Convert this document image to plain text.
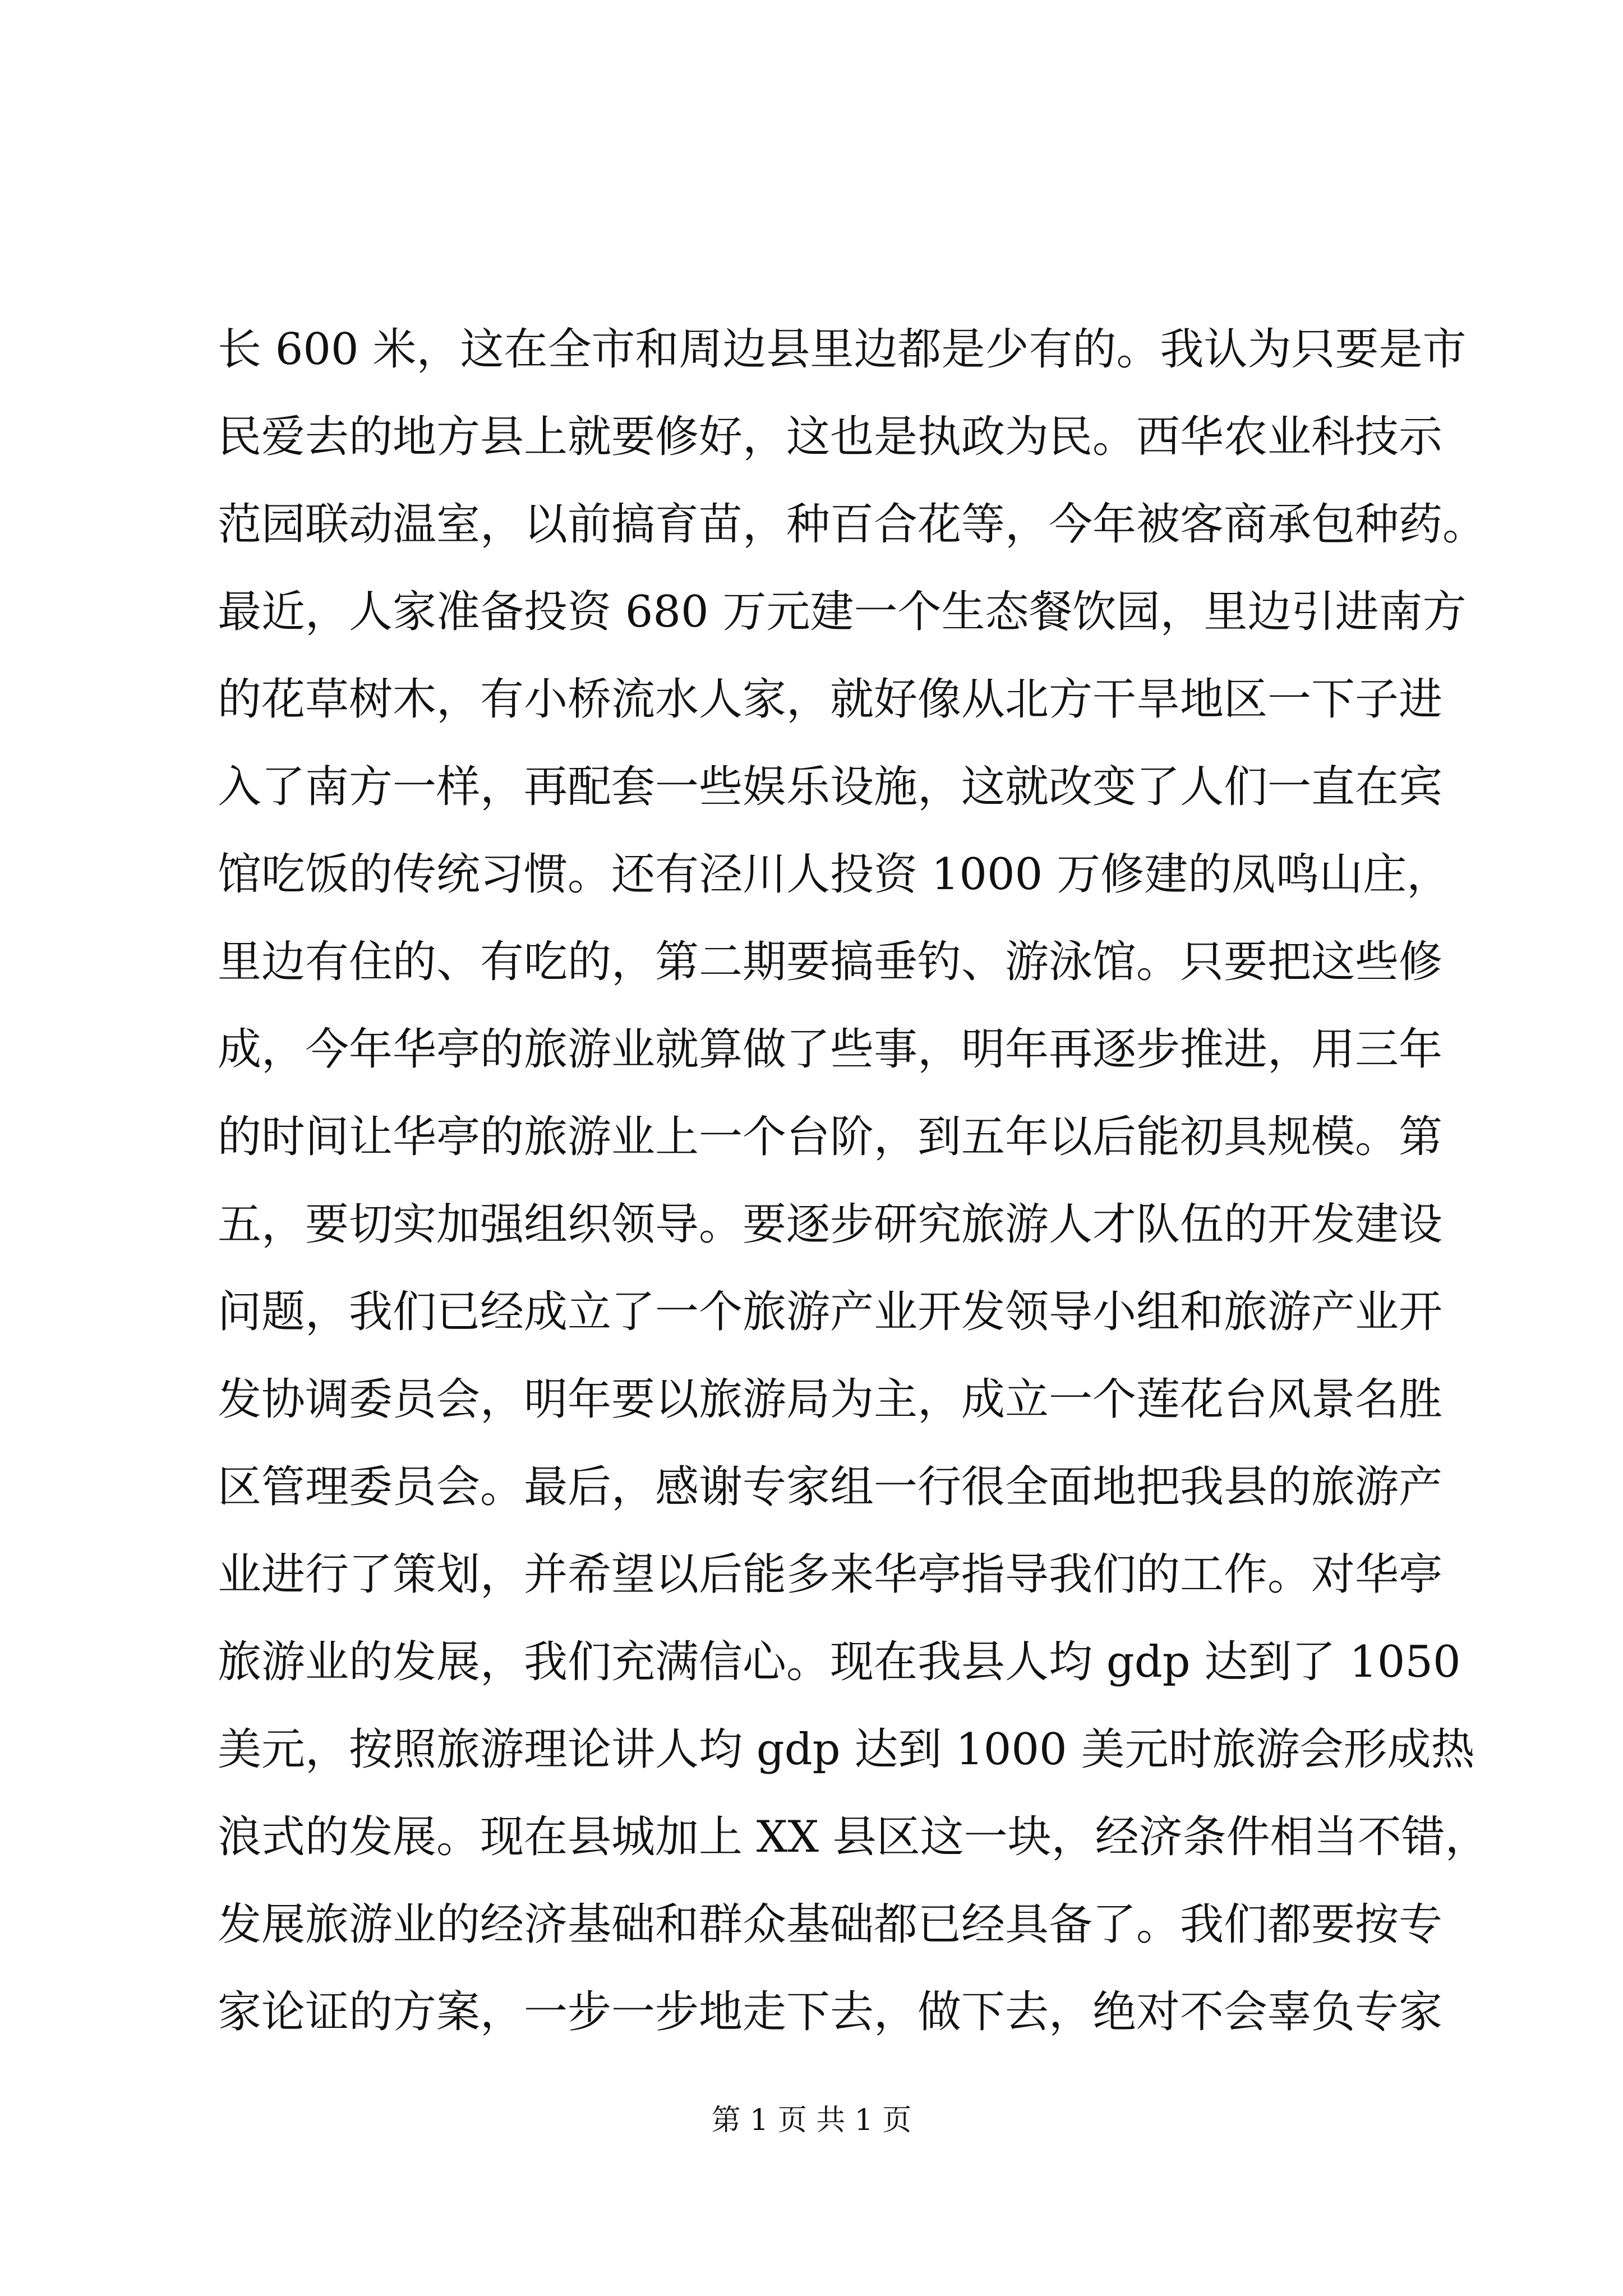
长 600 米，这在全市和周边县里边都是少有的。我认为只要是市
民爱去的地方县上就要修好，这也是执政为民。西华农业科技示
范园联动温室，以前搞育苗，种百合花等，今年被客商承包种药。
最近，人家准备投资 680 万元建一个生态餐饮园，里边引进南方
的花草树木，有小桥流水人家，就好像从北方干旱地区一下子进
入了南方一样，再配套一些娱乐设施，这就改变了人们一直在宾
馆吃饭的传统习惯。还有泾川人投资 1000 万修建的凤鸣山庄，
里边有住的、有吃的，第二期要搞垂钓、游泳馆。只要把这些修
成，今年华亭的旅游业就算做了些事，明年再逐步推进，用三年
的时间让华亭的旅游业上一个台阶，到五年以后能初具规模。第
五，要切实加强组织领导。要逐步研究旅游人才队伍的开发建设
问题，我们已经成立了一个旅游产业开发领导小组和旅游产业开
发协调委员会，明年要以旅游局为主，成立一个莲花台风景名胜
区管理委员会。最后，感谢专家组一行很全面地把我县的旅游产
业进行了策划，并希望以后能多来华亭指导我们的工作。对华亭
旅游业的发展，我们充满信心。现在我县人均 gdp 达到了 1050
美元，按照旅游理论讲人均 gdp 达到 1000 美元时旅游会形成热
浪式的发展。现在县城加上 XX 县区这一块，经济条件相当不错，
发展旅游业的经济基础和群众基础都已经具备了。我们都要按专
家论证的方案，一步一步地走下去，做下去，绝对不会辜负专家
第 1 页 共 1 页
